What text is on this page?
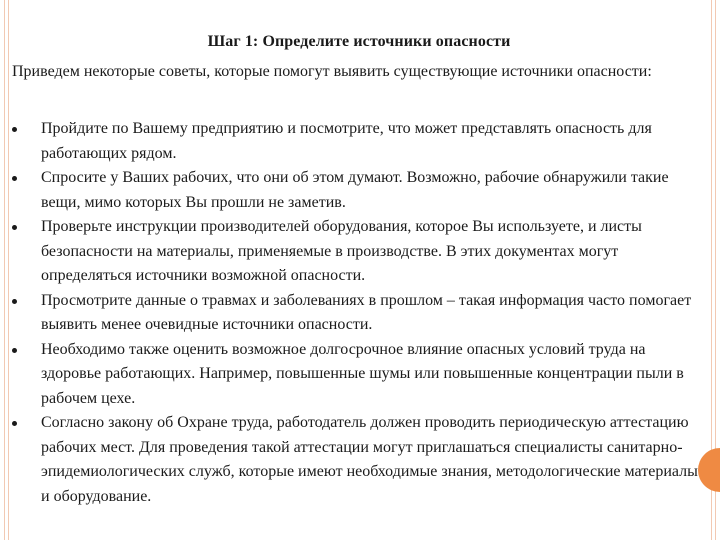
Шаг 1: Определите источники опасности
Приведем некоторые советы, которые помогут выявить существующие источники опасности:
Пройдите по Вашему предприятию и посмотрите, что может представлять опасность для работающих рядом.
Спросите у Ваших рабочих, что они об этом думают. Возможно, рабочие обнаружили такие вещи, мимо которых Вы прошли не заметив.
Проверьте инструкции производителей оборудования, которое Вы используете, и листы безопасности на материалы, применяемые в производстве. В этих документах могут определяться источники возможной опасности.
Просмотрите данные о травмах и заболеваниях в прошлом – такая информация часто помогает выявить менее очевидные источники опасности.
Необходимо также оценить возможное долгосрочное влияние опасных условий труда на здоровье работающих. Например, повышенные шумы или повышенные концентрации пыли в рабочем цехе.
Согласно закону об Охране труда, работодатель должен проводить периодическую аттестацию рабочих мест. Для проведения такой аттестации могут приглашаться специалисты санитарно-эпидемиологических служб, которые имеют необходимые знания, методологические материалы и оборудование.
